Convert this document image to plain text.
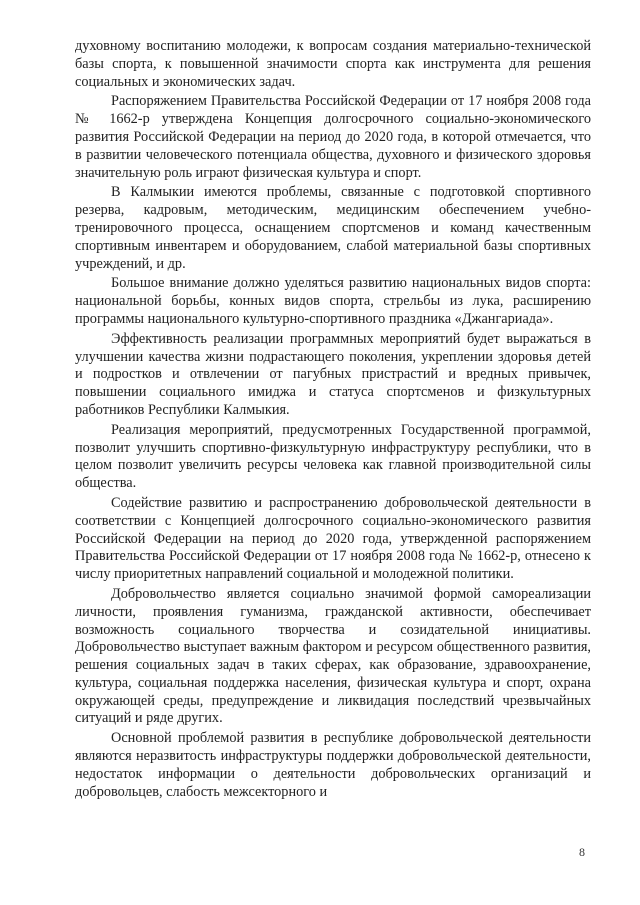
духовному воспитанию молодежи, к вопросам создания материально-технической базы спорта, к повышенной значимости спорта как инструмента для решения социальных и экономических задач.

Распоряжением Правительства Российской Федерации от 17 ноября 2008 года № 1662-р утверждена Концепция долгосрочного социально-экономического развития Российской Федерации на период до 2020 года, в которой отмечается, что в развитии человеческого потенциала общества, духовного и физического здоровья значительную роль играют физическая культура и спорт.

В Калмыкии имеются проблемы, связанные с подготовкой спортивного резерва, кадровым, методическим, медицинским обеспечением учебно-тренировочного процесса, оснащением спортсменов и команд качественным спортивным инвентарем и оборудованием, слабой материальной базы спортивных учреждений, и др.

Большое внимание должно уделяться развитию национальных видов спорта: национальной борьбы, конных видов спорта, стрельбы из лука, расширению программы национального культурно-спортивного праздника «Джангариада».

Эффективность реализации программных мероприятий будет выражаться в улучшении качества жизни подрастающего поколения, укреплении здоровья детей и подростков и отвлечении от пагубных пристрастий и вредных привычек, повышении социального имиджа и статуса спортсменов и физкультурных работников Республики Калмыкия.

Реализация мероприятий, предусмотренных Государственной программой, позволит улучшить спортивно-физкультурную инфраструктуру республики, что в целом позволит увеличить ресурсы человека как главной производительной силы общества.

Содействие развитию и распространению добровольческой деятельности в соответствии с Концепцией долгосрочного социально-экономического развития Российской Федерации на период до 2020 года, утвержденной распоряжением Правительства Российской Федерации от 17 ноября 2008 года № 1662-р, отнесено к числу приоритетных направлений социальной и молодежной политики.

Добровольчество является социально значимой формой самореализации личности, проявления гуманизма, гражданской активности, обеспечивает возможность социального творчества и созидательной инициативы. Добровольчество выступает важным фактором и ресурсом общественного развития, решения социальных задач в таких сферах, как образование, здравоохранение, культура, социальная поддержка населения, физическая культура и спорт, охрана окружающей среды, предупреждение и ликвидация последствий чрезвычайных ситуаций и ряде других.

Основной проблемой развития в республике добровольческой деятельности являются неразвитость инфраструктуры поддержки добровольческой деятельности, недостаток информации о деятельности добровольческих организаций и добровольцев, слабость межсекторного и

8
